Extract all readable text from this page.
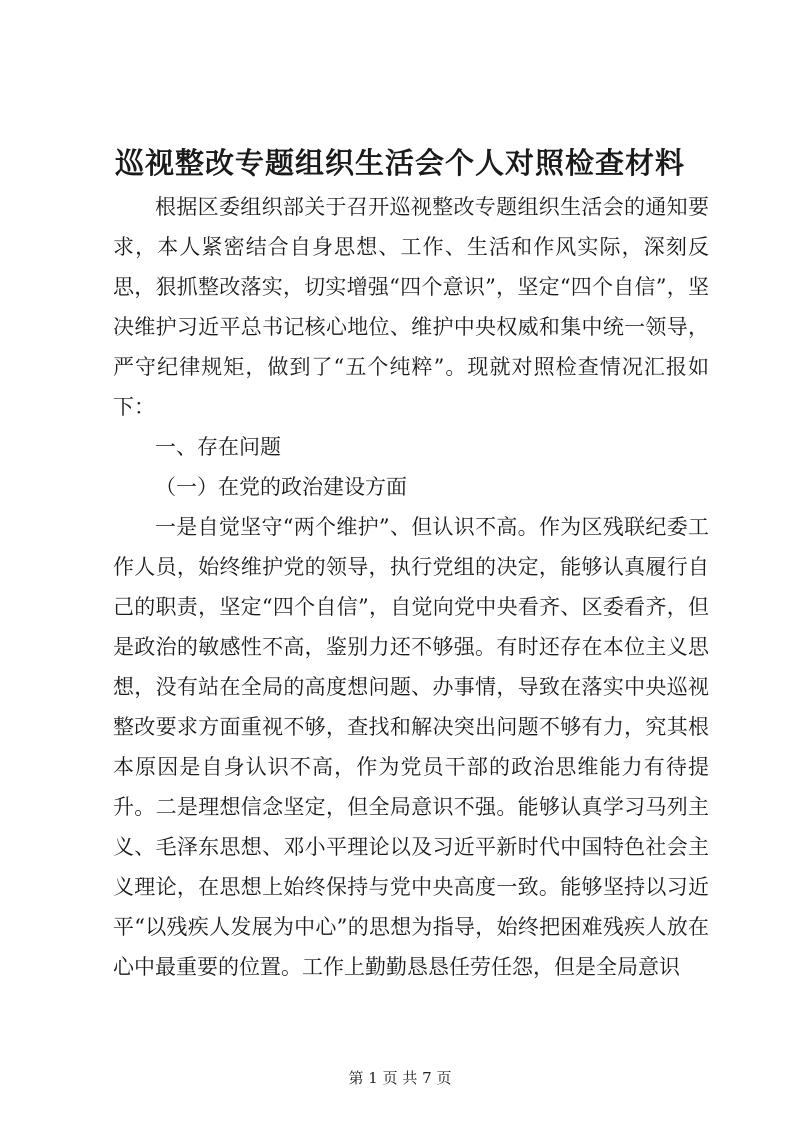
巡视整改专题组织生活会个人对照检查材料

根据区委组织部关于召开巡视整改专题组织生活会的通知要求，本人紧密结合自身思想、工作、生活和作风实际，深刻反思，狠抓整改落实，切实增强“四个意识”，坚定“四个自信”，坚决维护习近平总书记核心地位、维护中央权威和集中统一领导，严守纪律规矩，做到了“五个纯粹”。现就对照检查情况汇报如下：

一、存在问题

（一）在党的政治建设方面

一是自觉坚守“两个维护”、但认识不高。作为区残联纪委工作人员，始终维护党的领导，执行党组的决定，能够认真履行自己的职责，坚定“四个自信”，自觉向党中央看齐、区委看齐，但是政治的敏感性不高，鉴别力还不够强。有时还存在本位主义思想，没有站在全局的高度想问题、办事情，导致在落实中央巡视整改要求方面重视不够，查找和解决突出问题不够有力，究其根本原因是自身认识不高，作为党员干部的政治思维能力有待提升。二是理想信念坚定，但全局意识不强。能够认真学习马列主义、毛泽东思想、邓小平理论以及习近平新时代中国特色社会主义理论，在思想上始终保持与党中央高度一致。能够坚持以习近平“以残疾人发展为中心”的思想为指导，始终把困难残疾人放在心中最重要的位置。工作上勤勤恳恳任劳任怨，但是全局意识

第 1 页 共 7 页
